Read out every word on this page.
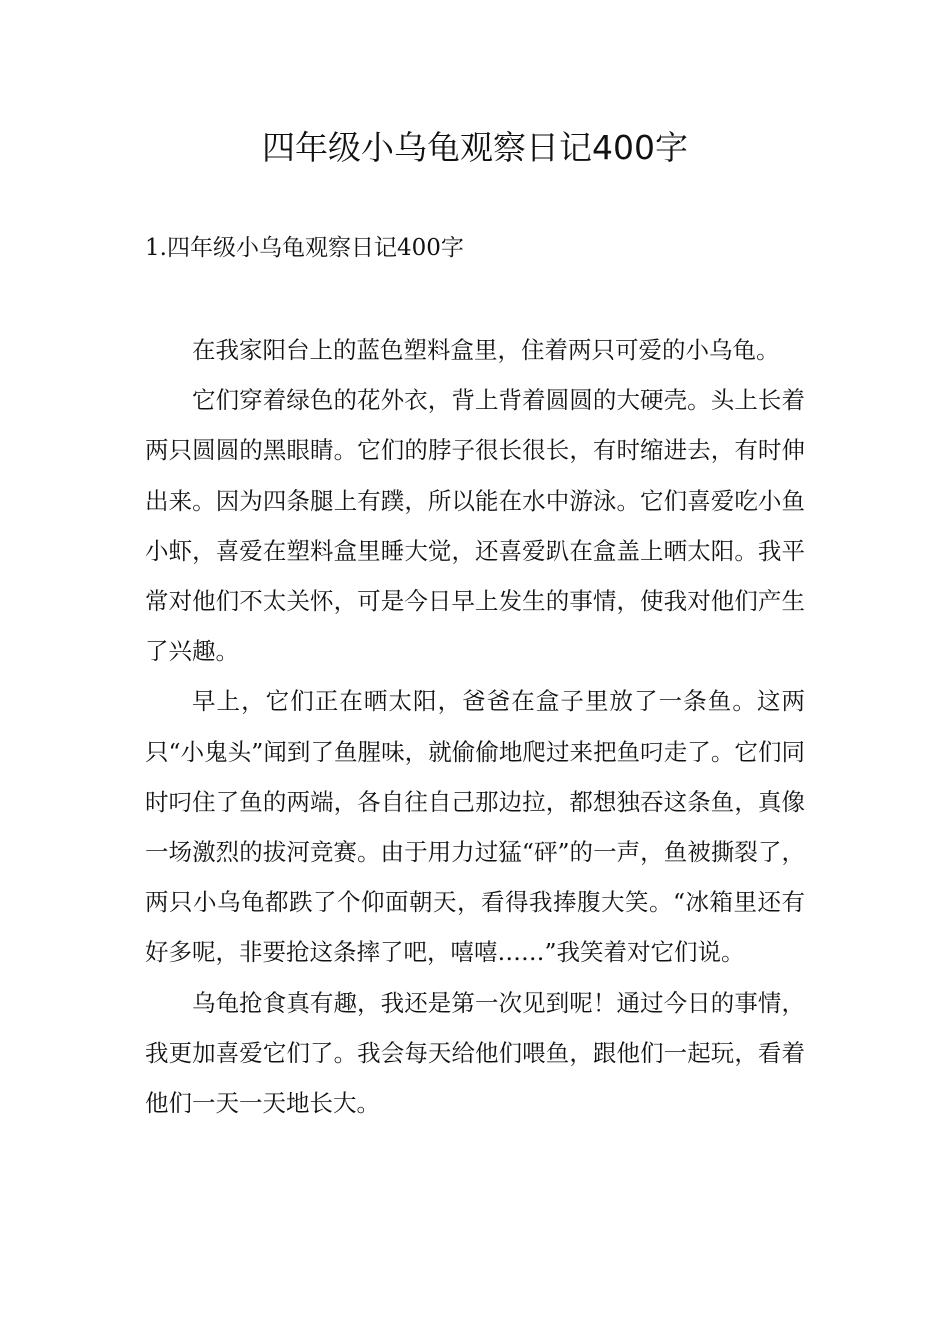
四年级小乌龟观察日记400字
1.四年级小乌龟观察日记400字

在我家阳台上的蓝色塑料盒里，住着两只可爱的小乌龟。

它们穿着绿色的花外衣，背上背着圆圆的大硬壳。头上长着两只圆圆的黑眼睛。它们的脖子很长很长，有时缩进去，有时伸出来。因为四条腿上有蹼，所以能在水中游泳。它们喜爱吃小鱼小虾，喜爱在塑料盒里睡大觉，还喜爱趴在盒盖上晒太阳。我平常对他们不太关怀，可是今日早上发生的事情，使我对他们产生了兴趣。

早上，它们正在晒太阳，爸爸在盒子里放了一条鱼。这两只“小鬼头”闻到了鱼腥味，就偷偷地爬过来把鱼叼走了。它们同时叼住了鱼的两端，各自往自己那边拉，都想独吞这条鱼，真像一场激烈的拔河竞赛。由于用力过猛“砰”的一声，鱼被撕裂了，两只小乌龟都跌了个仰面朝天，看得我捧腹大笑。“冰箱里还有好多呢，非要抢这条摔了吧，嘻嘻……”我笑着对它们说。

乌龟抢食真有趣，我还是第一次见到呢！通过今日的事情，我更加喜爱它们了。我会每天给他们喂鱼，跟他们一起玩，看着他们一天一天地长大。
